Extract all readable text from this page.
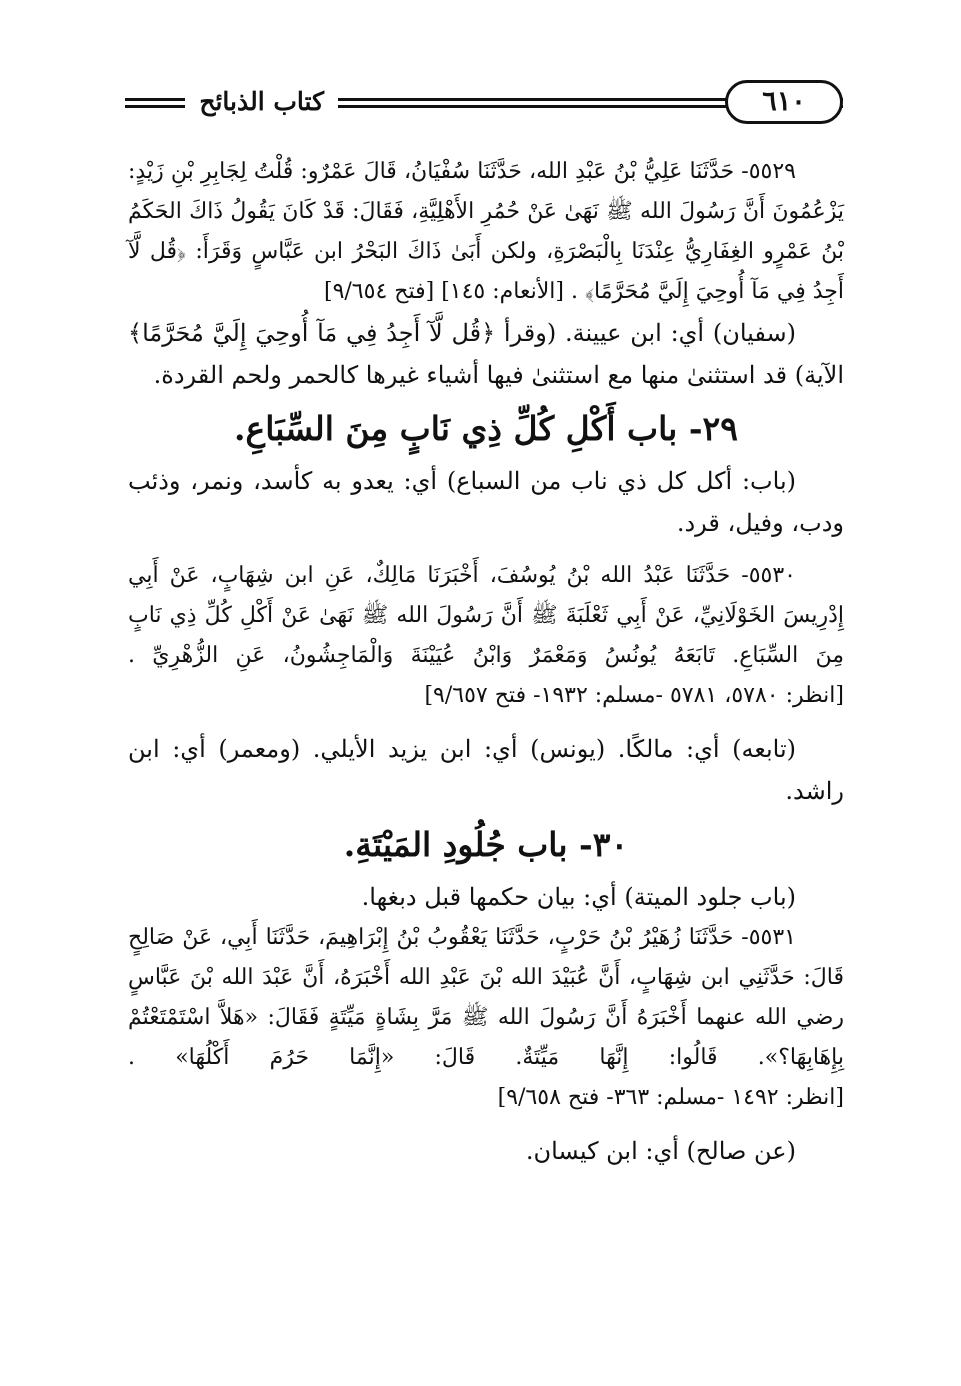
كتاب الذبائح	٦١٠

٥٥٢٩- حَدَّثَنَا عَلِيُّ بْنُ عَبْدِ الله، حَدَّثَنَا سُفْيَانُ، قَالَ عَمْرٌو: قُلْتُ لِجَابِرِ بْنِ زَيْدٍ: يَزْعُمُونَ أَنَّ رَسُولَ الله ﷺ نَهَىٰ عَنْ حُمُرِ الأَهْلِيَّةِ، فَقَالَ: قَدْ كَانَ يَقُولُ ذَاكَ الحَكَمُ بْنُ عَمْرٍو الغِفَارِيُّ عِنْدَنَا بِالْبَصْرَةِ، ولكن أَبَىٰ ذَاكَ البَحْرُ ابن عَبَّاسٍ وَقَرَأَ: ﴿قُل لَّآ أَجِدُ فِي مَآ أُوحِيَ إِلَيَّ مُحَرَّمًا﴾ . [الأنعام: ١٤٥] [فتح ٩/٦٥٤]

(سفيان) أي: ابن عيينة. (وقرأ ﴿قُل لَّآ أَجِدُ فِي مَآ أُوحِيَ إِلَيَّ مُحَرَّمًا﴾ الآية) قد استثنىٰ منها مع استثنىٰ فيها أشياء غيرها كالحمر ولحم القردة.

٢٩- باب أَكْلِ كُلِّ ذِي نَابٍ مِنَ السِّبَاعِ.

(باب: أكل كل ذي ناب من السباع) أي: يعدو به كأسد، ونمر، وذئب ودب، وفيل، قرد.

٥٥٣٠- حَدَّثَنَا عَبْدُ الله بْنُ يُوسُفَ، أَخْبَرَنَا مَالِكٌ، عَنِ ابن شِهَابٍ، عَنْ أَبِي إِدْرِيسَ الخَوْلَانِيِّ، عَنْ أَبِي ثَعْلَبَةَ ﷺ أَنَّ رَسُولَ الله ﷺ نَهَىٰ عَنْ أَكْلِ كُلِّ ذِي نَابٍ مِنَ السِّبَاعِ. تَابَعَهُ يُونُسُ وَمَعْمَرٌ وَابْنُ عُيَيْنَةَ وَالْمَاجِشُونُ، عَنِ الزُّهْرِيِّ . [انظر: ٥٧٨٠، ٥٧٨١ -مسلم: ١٩٣٢- فتح ٩/٦٥٧]

(تابعه) أي: مالكًا. (يونس) أي: ابن يزيد الأيلي. (ومعمر) أي: ابن راشد.

٣٠- باب جُلُودِ المَيْتَةِ.

(باب جلود الميتة) أي: بيان حكمها قبل دبغها.

٥٥٣١- حَدَّثَنَا زُهَيْرُ بْنُ حَرْبٍ، حَدَّثَنَا يَعْقُوبُ بْنُ إِبْرَاهِيمَ، حَدَّثَنَا أَبِي، عَنْ صَالِحٍ قَالَ: حَدَّثَنِي ابن شِهَابٍ، أَنَّ عُبَيْدَ الله بْنَ عَبْدِ الله أَخْبَرَهُ، أَنَّ عَبْدَ الله بْنَ عَبَّاسٍ رضي الله عنهما أَخْبَرَهُ أَنَّ رَسُولَ الله ﷺ مَرَّ بِشَاةٍ مَيِّتَةٍ فَقَالَ: «هَلاَّ اسْتَمْتَعْتُمْ بِإِهَابِهَا؟». قَالُوا: إِنَّهَا مَيِّتَةٌ. قَالَ: «إِنَّمَا حَرُمَ أَكْلُهَا» . [انظر: ١٤٩٢ -مسلم: ٣٦٣- فتح ٩/٦٥٨]

(عن صالح) أي: ابن كيسان.
